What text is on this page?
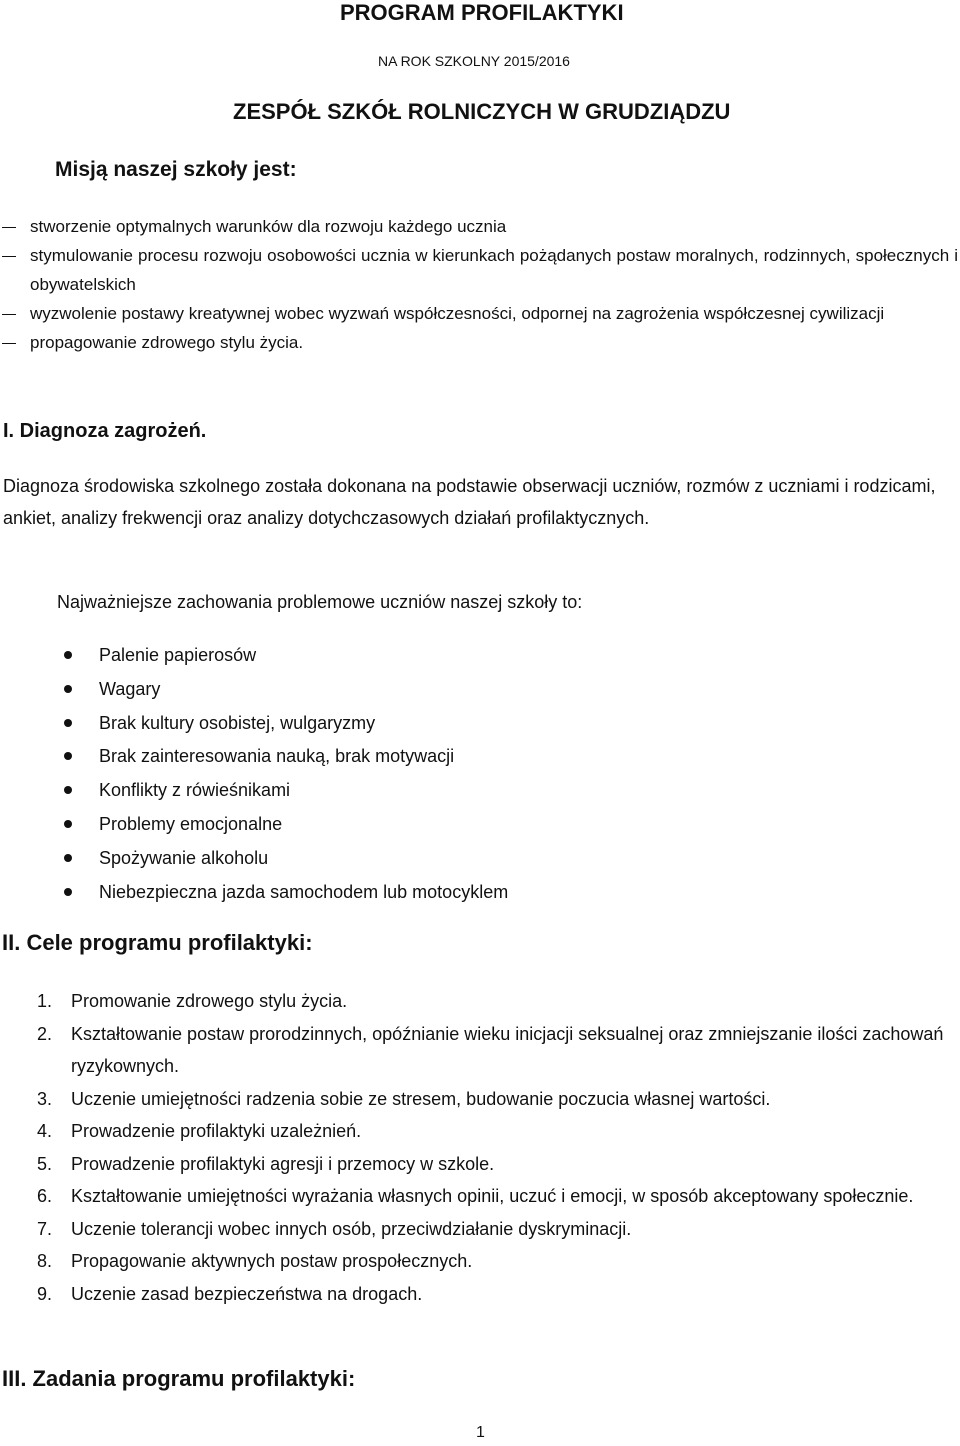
PROGRAM PROFILAKTYKI
NA ROK SZKOLNY 2015/2016
ZESPÓŁ SZKÓŁ ROLNICZYCH W GRUDZIĄDZU
Misją naszej szkoły jest:
stworzenie optymalnych warunków dla rozwoju każdego ucznia
stymulowanie procesu rozwoju osobowości ucznia w kierunkach pożądanych postaw moralnych, rodzinnych, społecznych i obywatelskich
wyzwolenie postawy kreatywnej wobec wyzwań współczesności, odpornej na zagrożenia współczesnej cywilizacji
propagowanie zdrowego stylu życia.
I. Diagnoza zagrożeń.

Diagnoza środowiska szkolnego została dokonana na podstawie obserwacji uczniów, rozmów z uczniami i rodzicami, ankiet, analizy frekwencji oraz analizy dotychczasowych działań profilaktycznych.

Najważniejsze zachowania problemowe uczniów naszej szkoły to:
Palenie papierosów
Wagary
Brak kultury osobistej, wulgaryzmy
Brak zainteresowania nauką, brak motywacji
Konflikty z rówieśnikami
Problemy emocjonalne
Spożywanie alkoholu
Niebezpieczna jazda samochodem lub motocyklem
II. Cele programu profilaktyki:
1. Promowanie zdrowego stylu życia.
2. Kształtowanie postaw prorodzinnych, opóźnianie wieku inicjacji seksualnej oraz zmniejszanie ilości zachowań ryzykownych.
3. Uczenie umiejętności radzenia sobie ze stresem, budowanie poczucia własnej wartości.
4. Prowadzenie profilaktyki uzależnień.
5. Prowadzenie profilaktyki agresji i przemocy w szkole.
6. Kształtowanie umiejętności wyrażania własnych opinii, uczuć i emocji, w sposób akceptowany społecznie.
7. Uczenie tolerancji wobec innych osób, przeciwdziałanie dyskryminacji.
8. Propagowanie aktywnych postaw prospołecznych.
9. Uczenie zasad bezpieczeństwa na drogach.
III. Zadania programu profilaktyki:
1
